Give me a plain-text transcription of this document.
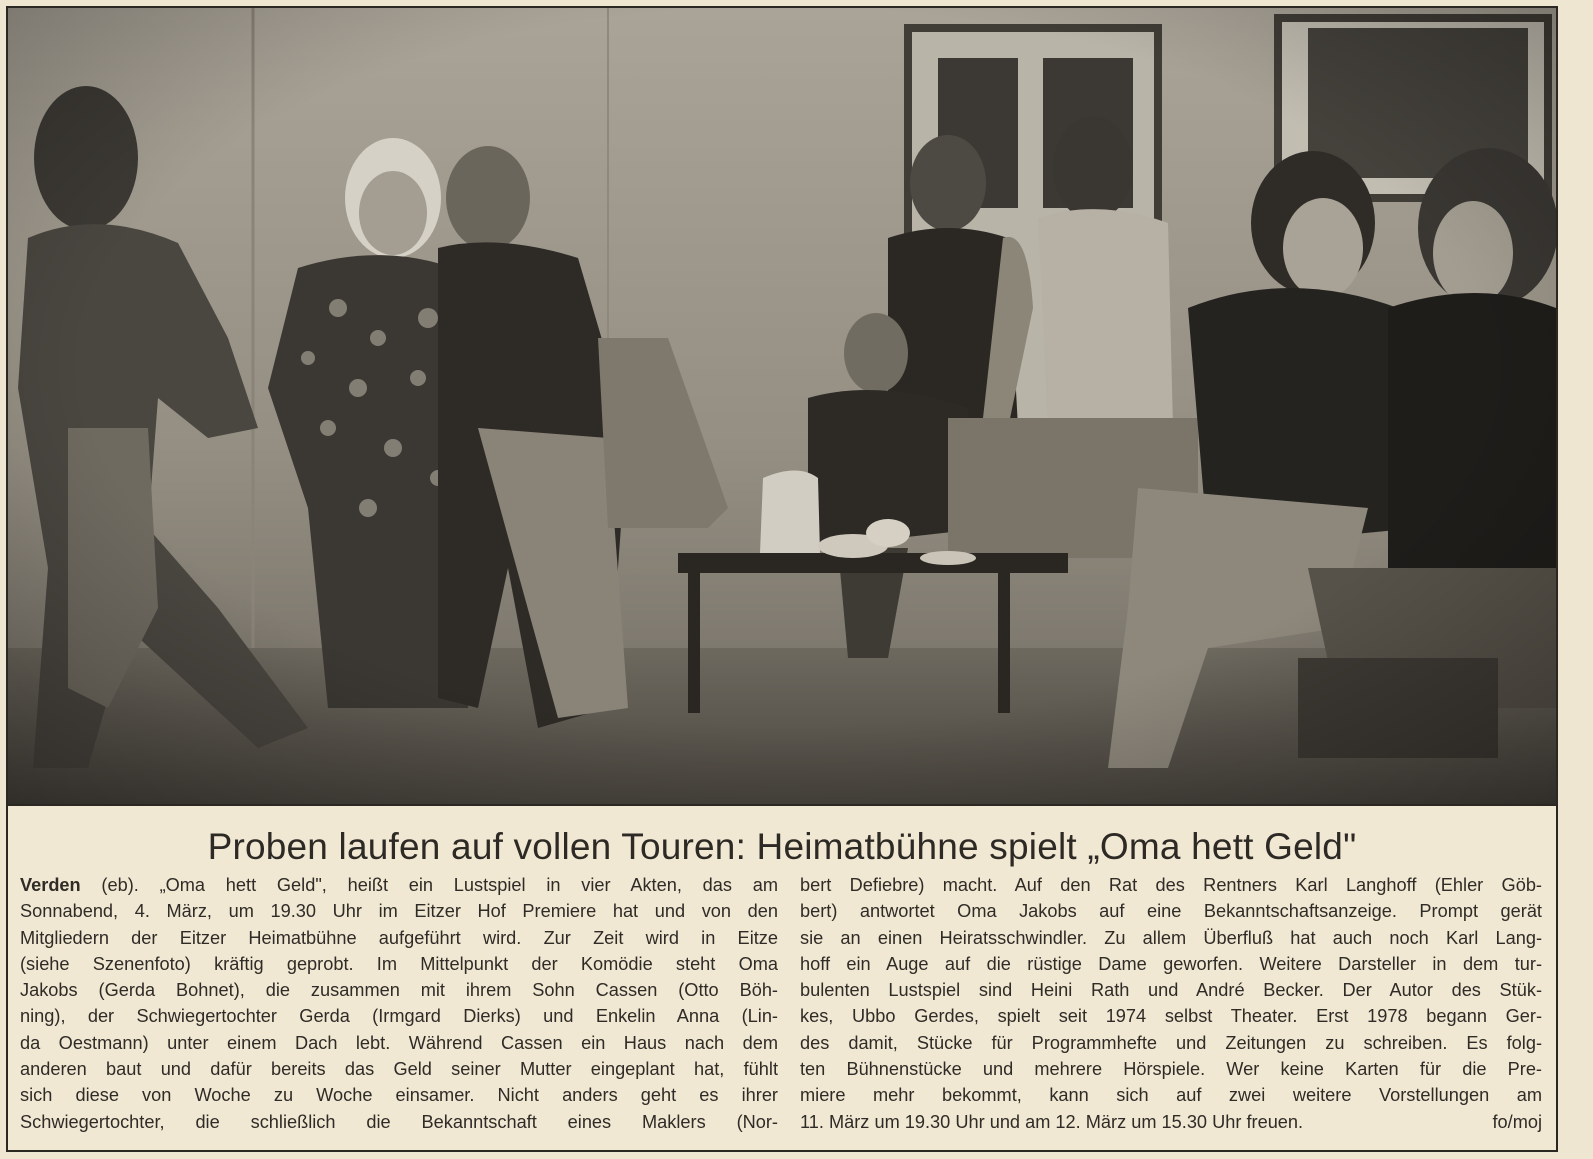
Proben laufen auf vollen Touren: Heimatbühne spielt „Oma hett Geld"
Verden (eb). „Oma hett Geld", heißt ein Lustspiel in vier Akten, das am
Sonnabend, 4. März, um 19.30 Uhr im Eitzer Hof Premiere hat und von den
Mitgliedern der Eitzer Heimatbühne aufgeführt wird. Zur Zeit wird in Eitze
(siehe Szenenfoto) kräftig geprobt. Im Mittelpunkt der Komödie steht Oma
Jakobs (Gerda Bohnet), die zusammen mit ihrem Sohn Cassen (Otto Böh-
ning), der Schwiegertochter Gerda (Irmgard Dierks) und Enkelin Anna (Lin-
da Oestmann) unter einem Dach lebt. Während Cassen ein Haus nach dem
anderen baut und dafür bereits das Geld seiner Mutter eingeplant hat, fühlt
sich diese von Woche zu Woche einsamer. Nicht anders geht es ihrer
Schwiegertochter, die schließlich die Bekanntschaft eines Maklers (Nor-
bert Defiebre) macht. Auf den Rat des Rentners Karl Langhoff (Ehler Göb-
bert) antwortet Oma Jakobs auf eine Bekanntschaftsanzeige. Prompt gerät
sie an einen Heiratsschwindler. Zu allem Überfluß hat auch noch Karl Lang-
hoff ein Auge auf die rüstige Dame geworfen. Weitere Darsteller in dem tur-
bulenten Lustspiel sind Heini Rath und André Becker. Der Autor des Stük-
kes, Ubbo Gerdes, spielt seit 1974 selbst Theater. Erst 1978 begann Ger-
des damit, Stücke für Programmhefte und Zeitungen zu schreiben. Es folg-
ten Bühnenstücke und mehrere Hörspiele. Wer keine Karten für die Pre-
miere mehr bekommt, kann sich auf zwei weitere Vorstellungen am
11. März um 19.30 Uhr und am 12. März um 15.30 Uhr freuen.	fo/moj
